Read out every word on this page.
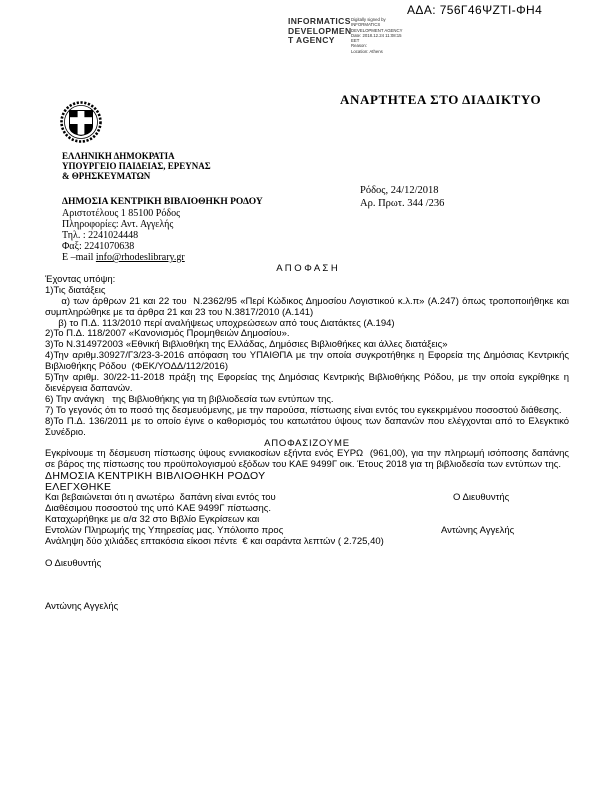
ΑΔΑ: 756Γ46ΨΖΤΙ-ΦΗ4
INFORMATICS
DEVELOPMEN
T AGENCY
Digitally signed by
INFORMATICS
DEVELOPMENT AGENCY
Date: 2018.12.24 11:08:15
EET
Reason:
Location: Athens
ΑΝΑΡΤΗΤΕΑ ΣΤΟ ΔΙΑΔΙΚΤΥΟ
ΕΛΛΗΝΙΚΗ ΔΗΜΟΚΡΑΤΙΑ
ΥΠΟΥΡΓΕΙΟ ΠΑΙΔΕΙΑΣ, ΕΡΕΥΝΑΣ
& ΘΡΗΣΚΕΥΜΑΤΩΝ
Ρόδος, 24/12/2018
Αρ. Πρωτ. 344 /236
ΔΗΜΟΣΙΑ ΚΕΝΤΡΙΚΗ ΒΙΒΛΙΟΘΗΚΗ ΡΟΔΟΥ
Αριστοτέλους 1 85100 Ρόδος
Πληροφορίες: Αντ. Αγγελής
Τηλ. : 2241024448
Φαξ: 2241070638
E –mail info@rhodeslibrary.gr

Α Π Ο Φ Α Σ Η

Έχοντας υπόψη:

1)Τις διατάξεις

α) των άρθρων 21 και 22 του  Ν.2362/95 «Περί Κώδικος Δημοσίου Λογιστικού κ.λ.π» (Α.247) όπως τροποποιήθηκε και συμπληρώθηκε με τα άρθρα 21 και 23 του Ν.3817/2010 (Α.141)

β) το Π.Δ. 113/2010 περί αναλήψεως υποχρεώσεων από τους Διατάκτες (Α.194)

2)Το Π.Δ. 118/2007 «Κανονισμός Προμηθειών Δημοσίου».

3)Το Ν.314972003 «Εθνική Βιβλιοθήκη της Ελλάδας, Δημόσιες Βιβλιοθήκες και άλλες διατάξεις»

4)Την αριθμ.30927/Γ3/23-3-2016 απόφαση του ΥΠΑΙΘΠΑ με την οποία συγκροτήθηκε η Εφορεία της Δημόσιας Κεντρικής Βιβλιοθήκης Ρόδου  (ΦΕΚ/ΥΟΔΔ/112/2016)

5)Την αριθμ. 30/22-11-2018 πράξη της Εφορείας της Δημόσιας Κεντρικής Βιβλιοθήκης Ρόδου, με την οποία εγκρίθηκε η διενέργεια δαπανών.

6) Την ανάγκη   της Βιβλιοθήκης για τη βιβλιοδεσία των εντύπων της.

7) Το γεγονός ότι το ποσό της δεσμευόμενης, με την παρούσα, πίστωσης είναι εντός του εγκεκριμένου ποσοστού διάθεσης.

8)Το Π.Δ. 136/2011 με το οποίο έγινε ο καθορισμός του κατωτάτου ύψους των δαπανών που ελέγχονται από το Ελεγκτικό Συνέδριο.

ΑΠΟΦΑΣΙΖΟΥΜΕ

Εγκρίνουμε τη δέσμευση πίστωσης ύψους εννιακοσίων εξήντα ενός ΕΥΡΩ  (961,00), για την πληρωμή ισόποσης δαπάνης σε βάρος της πίστωσης του προϋπολογισμού εξόδων του ΚΑΕ 9499Γ οικ. Έτους 2018 για τη βιβλιοδεσία των εντύπων της.

ΔΗΜΟΣΙΑ ΚΕΝΤΡΙΚΗ ΒΙΒΛΙΟΘΗΚΗ ΡΟΔΟΥ

ΕΛΕΓΧΘΗΚΕ

Και βεβαιώνεται ότι η ανωτέρω  δαπάνη είναι εντός του	Ο Διευθυντής

Διαθέσιμου ποσοστού της υπό ΚΑΕ 9499Γ πίστωσης.

Καταχωρήθηκε με α/α 32 στο Βιβλίο Εγκρίσεων και

Εντολών Πληρωμής της Υπηρεσίας μας. Υπόλοιπο προς	Αντώνης Αγγελής

Ανάληψη δύο χιλιάδες επτακόσια είκοσι πέντε  € και σαράντα λεπτών ( 2.725,40)

Ο Διευθυντής

Αντώνης Αγγελής
